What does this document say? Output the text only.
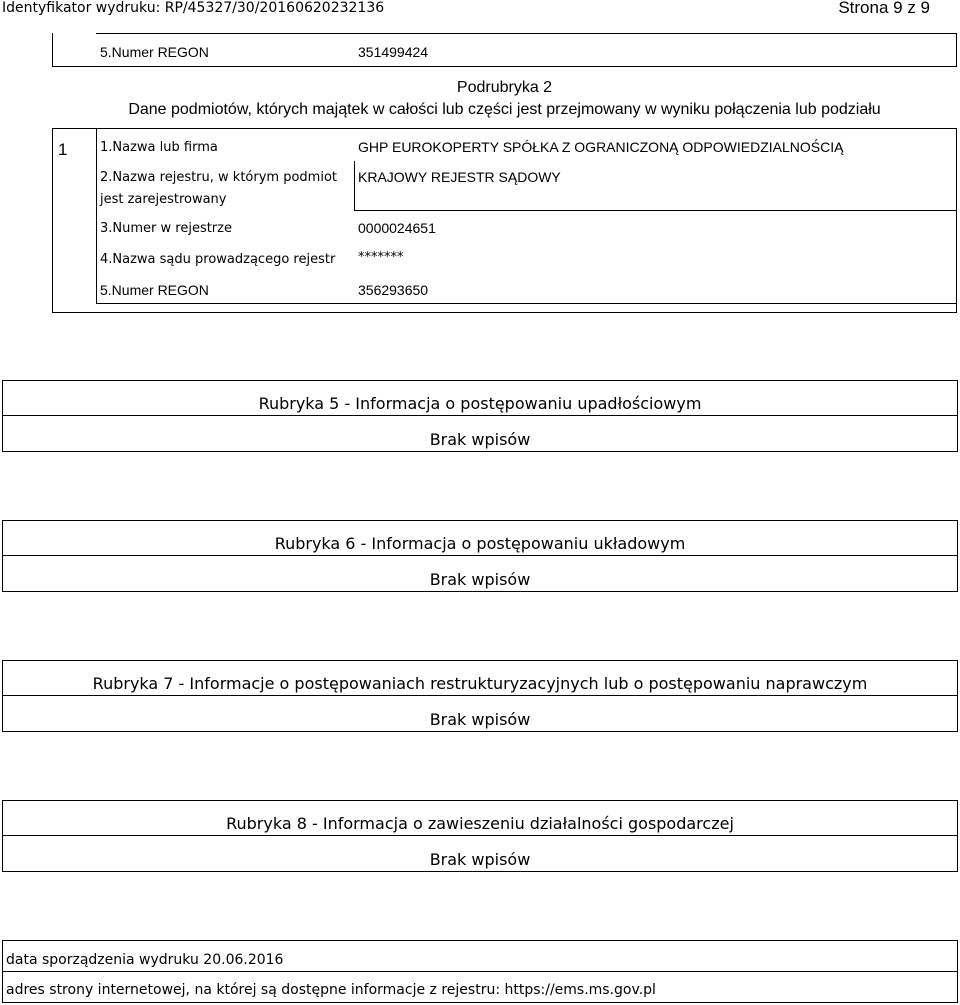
Identyfikator wydruku: RP/45327/30/20160620232136	Strona 9 z 9
5.Numer REGON	351499424
Podrubryka 2
Dane podmiotów, których majątek w całości lub części jest przejmowany w wyniku połączenia lub podziału
1	1.Nazwa lub firma	GHP EUROKOPERTY SPÓŁKA Z OGRANICZONĄ ODPOWIEDZIALNOŚCIĄ
2.Nazwa rejestru, w którym podmiot
jest zarejestrowany
KRAJOWY REJESTR SĄDOWY
3.Numer w rejestrze	0000024651
4.Nazwa sądu prowadzącego rejestr *******
5.Numer REGON	356293650
Rubryka 5 - Informacja o postępowaniu upadłościowym
Brak wpisów
Rubryka 6 - Informacja o postępowaniu układowym
Brak wpisów
Rubryka 7 - Informacje o postępowaniach restrukturyzacyjnych lub o postępowaniu naprawczym
Brak wpisów
Rubryka 8 - Informacja o zawieszeniu działalności gospodarczej
Brak wpisów
data sporządzenia wydruku 20.06.2016
adres strony internetowej, na której są dostępne informacje z rejestru: https://ems.ms.gov.pl
